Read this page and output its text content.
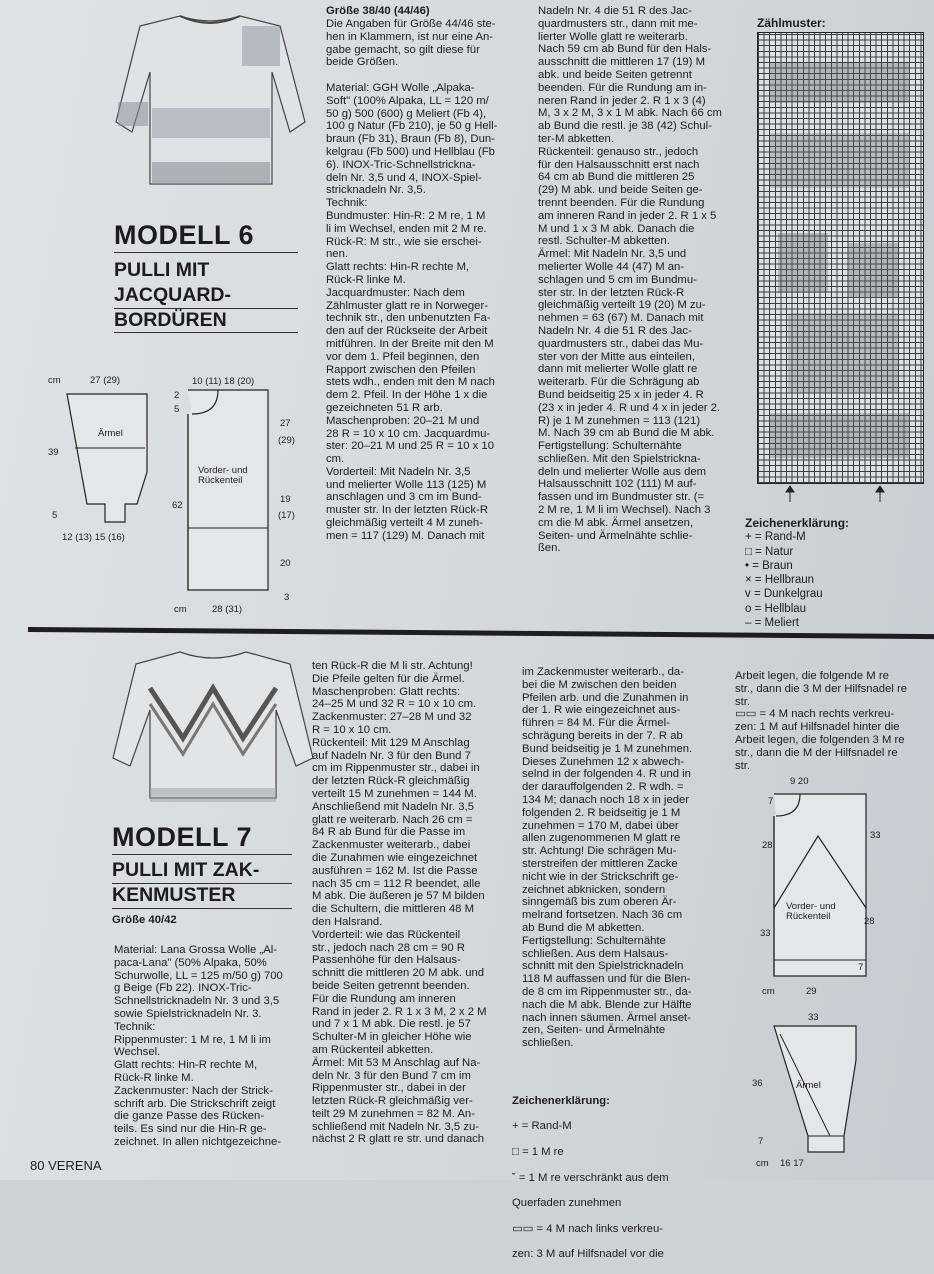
MODELL 6
PULLI MIT
JACQUARD-
BORDÜREN
cm	27 (29)
39
Ärmel
5
12 (13) 15 (16)
10 (11) 18 (20)
2
5
27
(29)
Vorder- und Rückenteil
62
19
(17)
20
3
cm	28 (31)
Größe 38/40 (44/46)
Die Angaben für Größe 44/46 ste-
hen in Klammern, ist nur eine An-
gabe gemacht, so gilt diese für
beide Größen.

Material: GGH Wolle „Alpaka-
Soft" (100% Alpaka, LL = 120 m/
50 g) 500 (600) g Meliert (Fb 4),
100 g Natur (Fb 210), je 50 g Hell-
braun (Fb 31), Braun (Fb 8), Dun-
kelgrau (Fb 500) und Hellblau (Fb
6). INOX-Tric-Schnellstrickna-
deln Nr. 3,5 und 4, INOX-Spiel-
stricknadeln Nr. 3,5.
Technik:
Bundmuster: Hin-R: 2 M re, 1 M
li im Wechsel, enden mit 2 M re.
Rück-R: M str., wie sie erschei-
nen.
Glatt rechts: Hin-R rechte M,
Rück-R linke M.
Jacquardmuster: Nach dem
Zählmuster glatt re in Norweger-
technik str., den unbenutzten Fa-
den auf der Rückseite der Arbeit
mitführen. In der Breite mit den M
vor dem 1. Pfeil beginnen, den
Rapport zwischen den Pfeilen
stets wdh., enden mit den M nach
dem 2. Pfeil. In der Höhe 1 x die
gezeichneten 51 R arb.
Maschenproben: 20–21 M und
28 R = 10 x 10 cm. Jacquardmu-
ster: 20–21 M und 25 R = 10 x 10
cm.
Vorderteil: Mit Nadeln Nr. 3,5
und melierter Wolle 113 (125) M
anschlagen und 3 cm im Bund-
muster str. In der letzten Rück-R
gleichmäßig verteilt 4 M zuneh-
men = 117 (129) M. Danach mit
Nadeln Nr. 4 die 51 R des Jac-
quardmusters str., dann mit me-
lierter Wolle glatt re weiterarb.
Nach 59 cm ab Bund für den Hals-
ausschnitt die mittleren 17 (19) M
abk. und beide Seiten getrennt
beenden. Für die Rundung am in-
neren Rand in jeder 2. R 1 x 3 (4)
M, 3 x 2 M, 3 x 1 M abk. Nach 66 cm
ab Bund die restl. je 38 (42) Schul-
ter-M abketten.
Rückenteil: genauso str., jedoch
für den Halsausschnitt erst nach
64 cm ab Bund die mittleren 25
(29) M abk. und beide Seiten ge-
trennt beenden. Für die Rundung
am inneren Rand in jeder 2. R 1 x 5
M und 1 x 3 M abk. Danach die
restl. Schulter-M abketten.
Ärmel: Mit Nadeln Nr. 3,5 und
melierter Wolle 44 (47) M an-
schlagen und 5 cm im Bundmu-
ster str. In der letzten Rück-R
gleichmäßig verteilt 19 (20) M zu-
nehmen = 63 (67) M. Danach mit
Nadeln Nr. 4 die 51 R des Jac-
quardmusters str., dabei das Mu-
ster von der Mitte aus einteilen,
dann mit melierter Wolle glatt re
weiterarb. Für die Schrägung ab
Bund beidseitig 25 x in jeder 4. R
(23 x in jeder 4. R und 4 x in jeder 2.
R) je 1 M zunehmen = 113 (121)
M. Nach 39 cm ab Bund die M abk.
Fertigstellung: Schulternähte
schließen. Mit den Spielstrickna-
deln und melierter Wolle aus dem
Halsausschnitt 102 (111) M auf-
fassen und im Bundmuster str. (=
2 M re, 1 M li im Wechsel). Nach 3
cm die M abk. Ärmel ansetzen,
Seiten- und Ärmelnähte schlie-
ßen.
Zählmuster:
Zeichenerklärung:
+ = Rand-M
□ = Natur
• = Braun
× = Hellbraun
v = Dunkelgrau
o = Hellblau
– = Meliert
MODELL 7
PULLI MIT ZAK-
KENMUSTER
Größe 40/42
Material: Lana Grossa Wolle „Al-
paca-Lana" (50% Alpaka, 50%
Schurwolle, LL = 125 m/50 g) 700
g Beige (Fb 22). INOX-Tric-
Schnellstricknadeln Nr. 3 und 3,5
sowie Spielstricknadeln Nr. 3.
Technik:
Rippenmuster: 1 M re, 1 M li im
Wechsel.
Glatt rechts: Hin-R rechte M,
Rück-R linke M.
Zackenmuster: Nach der Strick-
schrift arb. Die Strickschrift zeigt
die ganze Passe des Rücken-
teils. Es sind nur die Hin-R ge-
zeichnet. In allen nichtgezeichne-
ten Rück-R die M li str. Achtung!
Die Pfeile gelten für die Ärmel.
Maschenproben: Glatt rechts:
24–25 M und 32 R = 10 x 10 cm.
Zackenmuster: 27–28 M und 32
R = 10 x 10 cm.
Rückenteil: Mit 129 M Anschlag
auf Nadeln Nr. 3 für den Bund 7
cm im Rippenmuster str., dabei in
der letzten Rück-R gleichmäßig
verteilt 15 M zunehmen = 144 M.
Anschließend mit Nadeln Nr. 3,5
glatt re weiterarb. Nach 26 cm =
84 R ab Bund für die Passe im
Zackenmuster weiterarb., dabei
die Zunahmen wie eingezeichnet
ausführen = 162 M. Ist die Passe
nach 35 cm = 112 R beendet, alle
M abk. Die äußeren je 57 M bilden
die Schultern, die mittleren 48 M
den Halsrand.
Vorderteil: wie das Rückenteil
str., jedoch nach 28 cm = 90 R
Passenhöhe für den Halsaus-
schnitt die mittleren 20 M abk. und
beide Seiten getrennt beenden.
Für die Rundung am inneren
Rand in jeder 2. R 1 x 3 M, 2 x 2 M
und 7 x 1 M abk. Die restl. je 57
Schulter-M in gleicher Höhe wie
am Rückenteil abketten.
Ärmel: Mit 53 M Anschlag auf Na-
deln Nr. 3 für den Bund 7 cm im
Rippenmuster str., dabei in der
letzten Rück-R gleichmäßig ver-
teilt 29 M zunehmen = 82 M. An-
schließend mit Nadeln Nr. 3,5 zu-
nächst 2 R glatt re str. und danach
im Zackenmuster weiterarb., da-
bei die M zwischen den beiden
Pfeilen arb. und die Zunahmen in
der 1. R wie eingezeichnet aus-
führen = 84 M. Für die Ärmel-
schrägung bereits in der 7. R ab
Bund beidseitig je 1 M zunehmen.
Dieses Zunehmen 12 x abwech-
selnd in der folgenden 4. R und in
der darauffolgenden 2. R wdh. =
134 M; danach noch 18 x in jeder
folgenden 2. R beidseitig je 1 M
zunehmen = 170 M, dabei über
allen zugenommenen M glatt re
str. Achtung! Die schrägen Mu-
sterstreifen der mittleren Zacke
nicht wie in der Strickschrift ge-
zeichnet abknicken, sondern
sinngemäß bis zum oberen Är-
melrand fortsetzen. Nach 36 cm
ab Bund die M abketten.
Fertigstellung: Schulternähte
schließen. Aus dem Halsaus-
schnitt mit den Spielstricknadeln
118 M auffassen und für die Blen-
de 8 cm im Rippenmuster str., da-
nach die M abk. Blende zur Hälfte
nach innen säumen. Ärmel anset-
zen, Seiten- und Ärmelnähte
schließen.

Zeichenerklärung:

+ = Rand-M

□ = 1 M re

˘ = 1 M re verschränkt aus dem

Querfaden zunehmen

▭▭ = 4 M nach links verkreu-

zen: 3 M auf Hilfsnadel vor die

Arbeit legen, die folgende M re
str., dann die 3 M der Hilfsnadel re
str.
▭▭ = 4 M nach rechts verkreu-
zen: 1 M auf Hilfsnadel hinter die
Arbeit legen, die folgenden 3 M re
str., dann die M der Hilfsnadel re
str.
9 20
7
28
33
Vorder- und Rückenteil	28
33
7
cm	29
33
36	Ärmel
7
cm 16 17
80 VERENA
